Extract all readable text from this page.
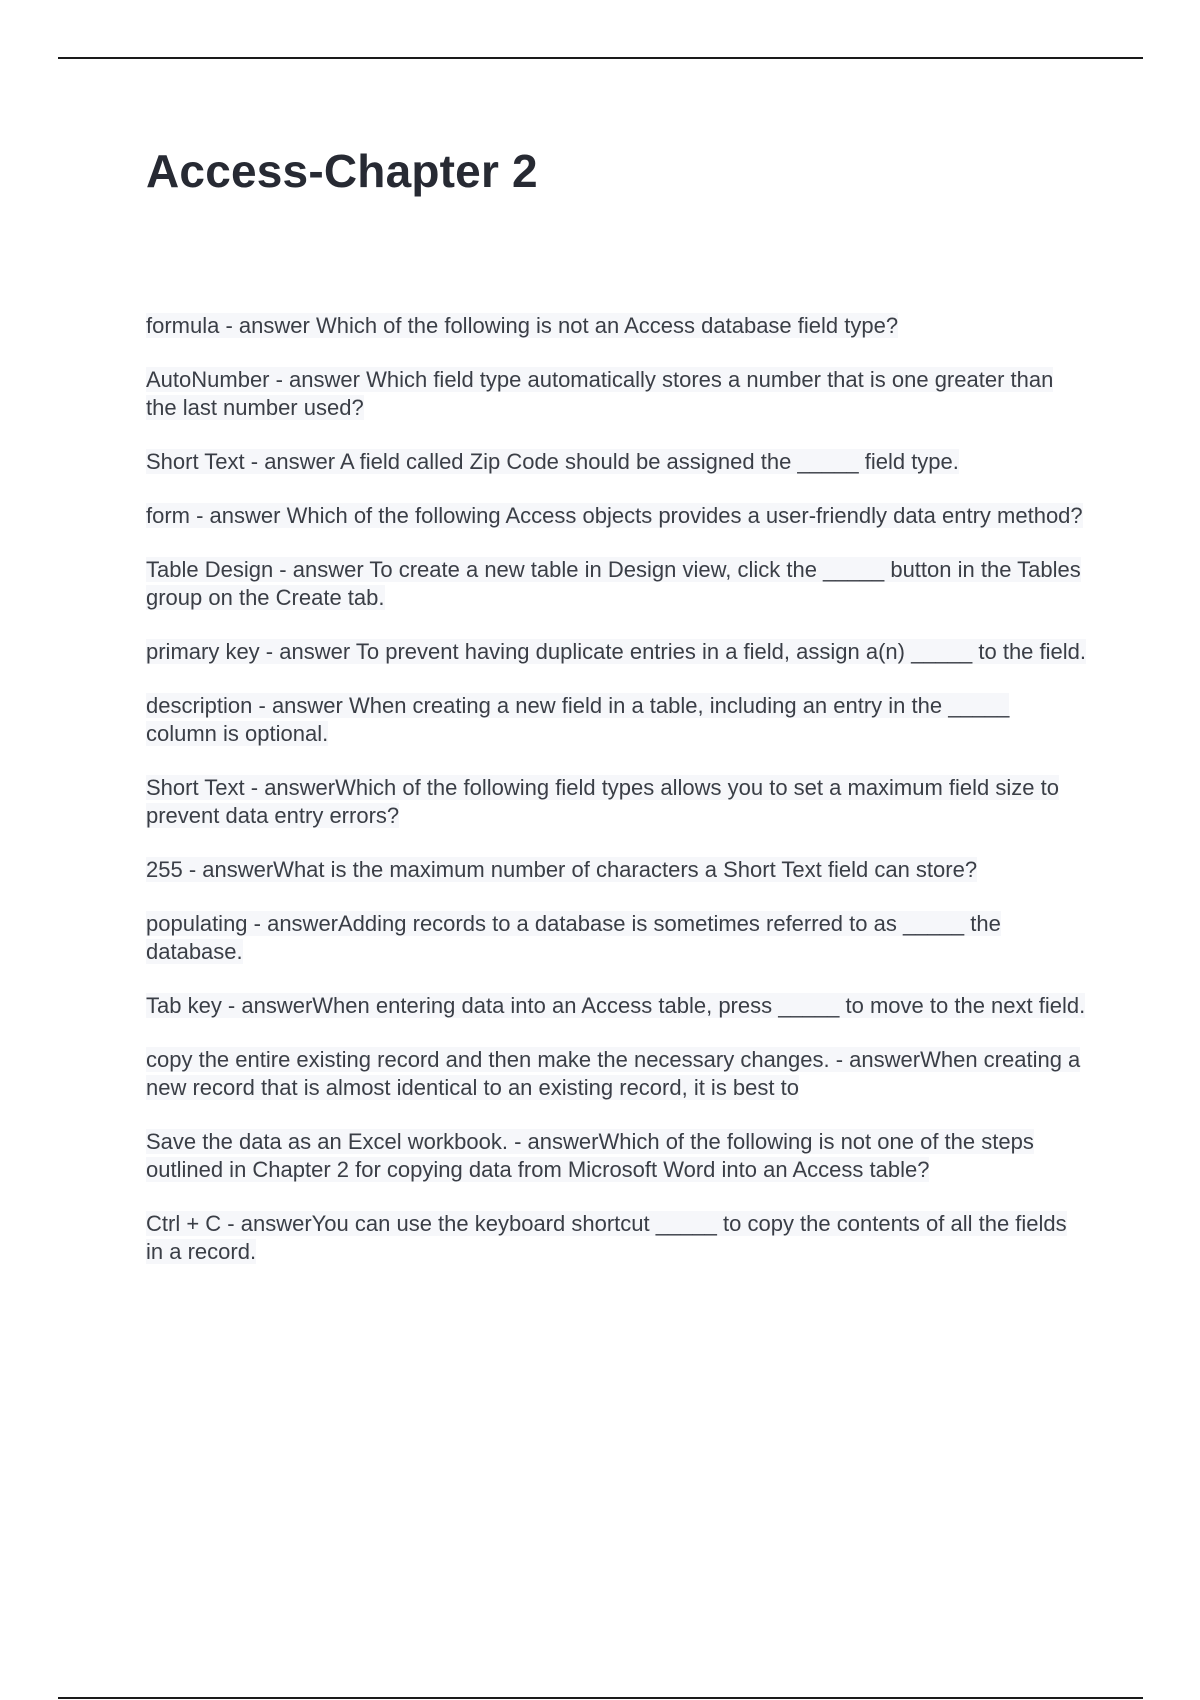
Access-Chapter 2
formula - answer Which of the following is not an Access database field type?
AutoNumber - answer Which field type automatically stores a number that is one greater than the last number used?
Short Text - answer A field called Zip Code should be assigned the _____ field type.
form - answer Which of the following Access objects provides a user-friendly data entry method?
Table Design - answer To create a new table in Design view, click the _____ button in the Tables group on the Create tab.
primary key - answer To prevent having duplicate entries in a field, assign a(n) _____ to the field.
description - answer When creating a new field in a table, including an entry in the _____ column is optional.
Short Text - answerWhich of the following field types allows you to set a maximum field size to prevent data entry errors?
255 - answerWhat is the maximum number of characters a Short Text field can store?
populating - answerAdding records to a database is sometimes referred to as _____ the database.
Tab key - answerWhen entering data into an Access table, press _____ to move to the next field.
copy the entire existing record and then make the necessary changes. - answerWhen creating a new record that is almost identical to an existing record, it is best to
Save the data as an Excel workbook. - answerWhich of the following is not one of the steps outlined in Chapter 2 for copying data from Microsoft Word into an Access table?
Ctrl + C - answerYou can use the keyboard shortcut _____ to copy the contents of all the fields in a record.
